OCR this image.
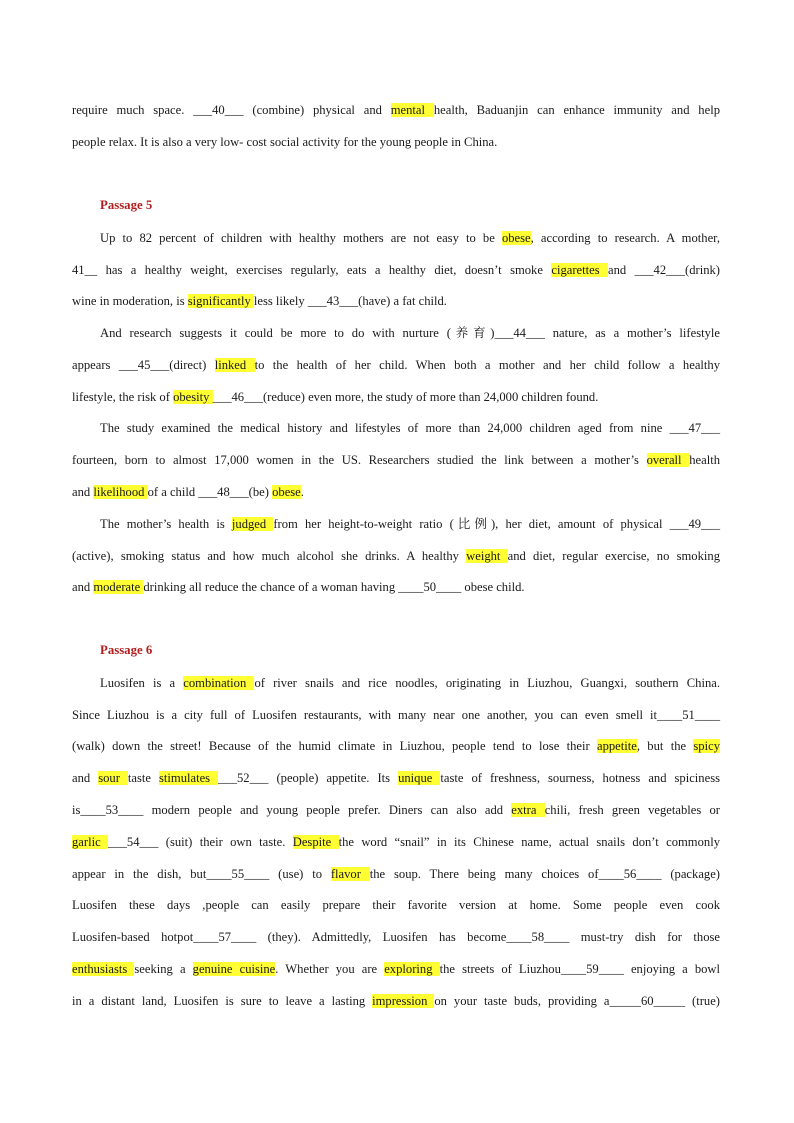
require much space. ___40___ (combine) physical and mental health, Baduanjin can enhance immunity and help
people relax. It is also a very low- cost social activity for the young people in China.
Passage 5
Up to 82 percent of children with healthy mothers are not easy to be obese, according to research. A mother,
41__ has a healthy weight, exercises regularly, eats a healthy diet, doesn’t smoke cigarettes and ___42___(drink)
wine in moderation, is significantly less likely ___43___(have) a fat child.
And research suggests it could be more to do with nurture (养育)___44___ nature, as a mother’s lifestyle
appears ___45___(direct) linked to the health of her child. When both a mother and her child follow a healthy
lifestyle, the risk of obesity ___46___(reduce) even more, the study of more than 24,000 children found.
The study examined the medical history and lifestyles of more than 24,000 children aged from nine ___47___
fourteen, born to almost 17,000 women in the US. Researchers studied the link between a mother’s overall health
and likelihood of a child ___48___(be) obese.
The mother’s health is judged from her height-to-weight ratio (比例), her diet, amount of physical ___49___
(active), smoking status and how much alcohol she drinks. A healthy weight and diet, regular exercise, no smoking
and moderate drinking all reduce the chance of a woman having ____50____ obese child.
Passage 6
Luosifen is a combination of river snails and rice noodles, originating in Liuzhou, Guangxi, southern China.
Since Liuzhou is a city full of Luosifen restaurants, with many near one another, you can even smell it____51____
(walk) down the street! Because of the humid climate in Liuzhou, people tend to lose their appetite, but the spicy
and sour taste stimulates ___52___ (people) appetite. Its unique taste of freshness, sourness, hotness and spiciness
is____53____ modern people and young people prefer. Diners can also add extra chili, fresh green vegetables or
garlic ___54___ (suit) their own taste. Despite the word “snail” in its Chinese name, actual snails don’t commonly
appear in the dish, but____55____ (use) to flavor the soup. There being many choices of____56____ (package)
Luosifen these days ,people can easily prepare their favorite version at home. Some people even cook
Luosifen-based hotpot____57____ (they). Admittedly, Luosifen has become____58____ must-try dish for those
enthusiasts seeking a genuine cuisine. Whether you are exploring the streets of Liuzhou____59____ enjoying a bowl
in a distant land, Luosifen is sure to leave a lasting impression on your taste buds, providing a_____60_____ (true)
